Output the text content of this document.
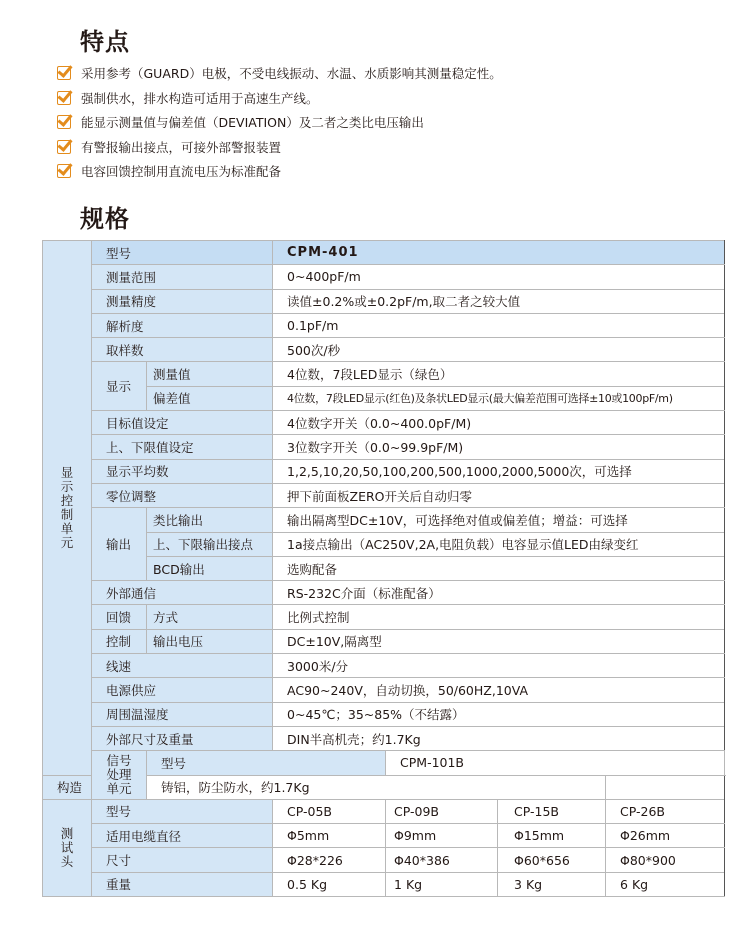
特点
采用参考（GUARD）电极，不受电线振动、水温、水质影响其测量稳定性。
强制供水，排水构造可适用于高速生产线。
能显示测量值与偏差值（DEVIATION）及二者之类比电压输出
有警报输出接点，可接外部警报装置
电容回馈控制用直流电压为标准配备
规格
显示控制单元	型号		CPM-401			
	测量范围		0~400pF/m			
	测量精度		读值±0.2%或±0.2pF/m,取二者之较大值			
	解析度		0.1pF/m			
	取样数		500次/秒			
	显示	测量值	4位数，7段LED显示（绿色）			
		偏差值	4位数，7段LED显示(红色)及条状LED显示(最大偏差范围可选择±10或100pF/m)			
	目标值设定		4位数字开关（0.0~400.0pF/M)			
	上、下限值设定		3位数字开关（0.0~99.9pF/M)			
	显示平均数		1,2,5,10,20,50,100,200,500,1000,2000,5000次，可选择			
	零位调整		押下前面板ZERO开关后自动归零			
	输出	类比输出	输出隔离型DC±10V，可选择绝对值或偏差值；增益：可选择			
		上、下限输出接点	1a接点输出（AC250V,2A,电阻负载）电容显示值LED由绿变红			
		BCD输出	选购配备			
	外部通信		RS-232C介面（标准配备）			
	回馈	方式	比例式控制			
	控制	输出电压	DC±10V,隔离型			
	线速		3000米/分			
	电源供应		AC90~240V，自动切换，50/60HZ,10VA			
	周围温湿度		0~45℃；35~85%（不结露）			
	外部尺寸及重量		DIN半高机壳；约1.7Kg			
	信号处理单元	型号		CPM-101B		
构造		铸铝，防尘防水，约1.7Kg				
测试头	型号		CP-05B	CP-09B	CP-15B	CP-26B
	适用电缆直径		Φ5mm	Φ9mm	Φ15mm	Φ26mm
	尺寸		Φ28*226	Φ40*386	Φ60*656	Φ80*900
	重量		0.5 Kg	1 Kg	3 Kg	6 Kg
